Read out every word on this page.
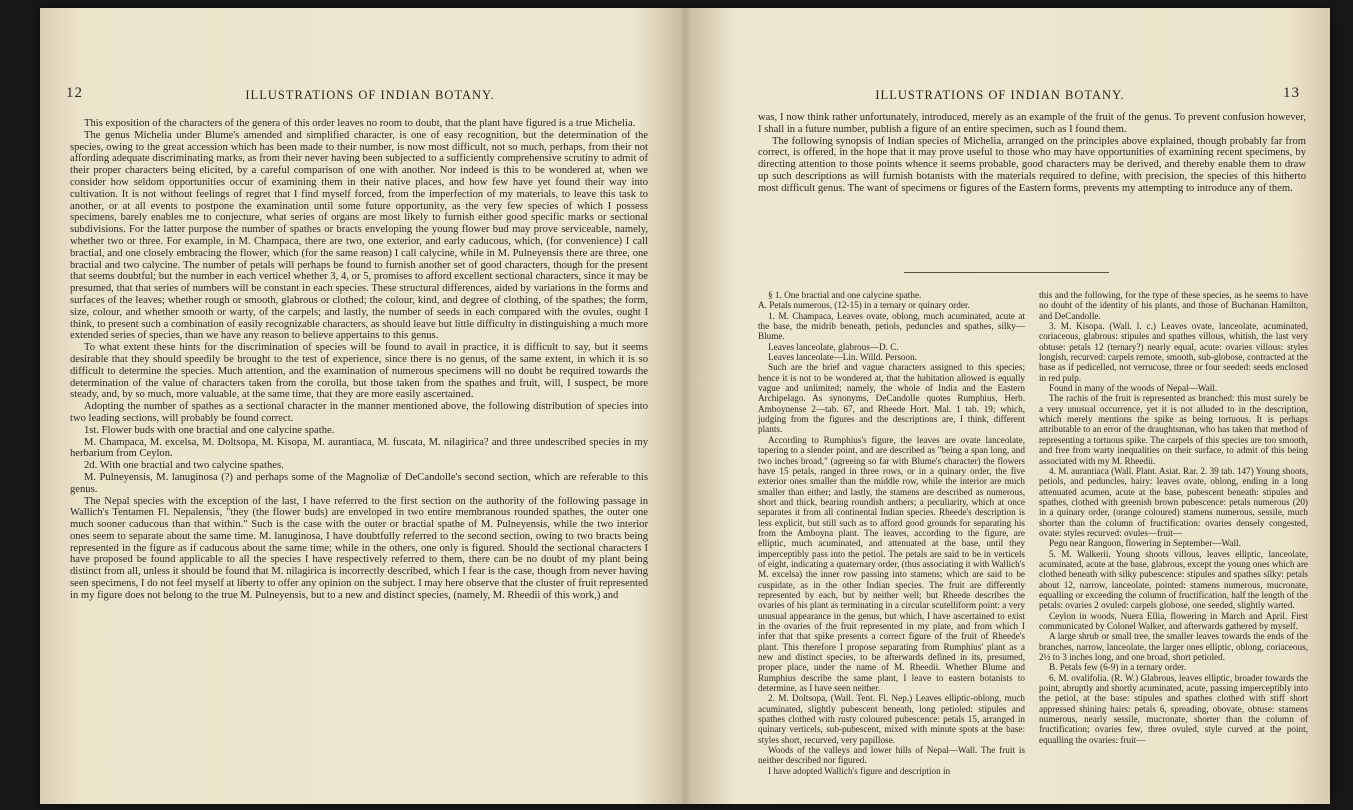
12	ILLUSTRATIONS OF INDIAN BOTANY.

This exposition of the characters of the genera of this order leaves no room to doubt, that the plant have figured is a true Michelia.

The genus Michelia under Blume's amended and simplified character, is one of easy recognition, but the determination of the species, owing to the great accession which has been made to their number, is now most difficult, not so much, perhaps, from their not affording adequate discriminating marks, as from their never having been subjected to a sufficiently comprehensive scrutiny to admit of their proper characters being elicited, by a careful comparison of one with another. Nor indeed is this to be wondered at, when we consider how seldom opportunities occur of examining them in their native places, and how few have yet found their way into cultivation. It is not without feelings of regret that I find myself forced, from the imperfection of my materials, to leave this task to another, or at all events to postpone the examination until some future opportunity, as the very few species of which I possess specimens, barely enables me to conjecture, what series of organs are most likely to furnish either good specific marks or sectional subdivisions. For the latter purpose the number of spathes or bracts enveloping the young flower bud may prove serviceable, namely, whether two or three. For example, in M. Champaca, there are two, one exterior, and early caducous, which, (for convenience) I call bractial, and one closely embracing the flower, which (for the same reason) I call calycine, while in M. Pulneyensis there are three, one bractial and two calycine. The number of petals will perhaps be found to furnish another set of good characters, though for the present that seems doubtful; but the number in each verticel whether 3, 4, or 5, promises to afford excellent sectional characters, since it may be presumed, that that series of numbers will be constant in each species. These structural differences, aided by variations in the forms and surfaces of the leaves; whether rough or smooth, glabrous or clothed; the colour, kind, and degree of clothing, of the spathes; the form, size, colour, and whether smooth or warty, of the carpels; and lastly, the number of seeds in each compared with the ovules, ought I think, to present such a combination of easily recognizable characters, as should leave but little difficulty in distinguishing a much more extended series of species, than we have any reason to believe appertains to this genus.

To what extent these hints for the discrimination of species will be found to avail in practice, it is difficult to say, but it seems desirable that they should speedily be brought to the test of experience, since there is no genus, of the same extent, in which it is so difficult to determine the species. Much attention, and the examination of numerous specimens will no doubt be required towards the determination of the value of characters taken from the corolla, but those taken from the spathes and fruit, will, I suspect, be more steady, and, by so much, more valuable, at the same time, that they are more easily ascertained.

Adopting the number of spathes as a sectional character in the manner mentioned above, the following distribution of species into two leading sections, will probably be found correct.

1st. Flower buds with one bractial and one calycine spathe.

M. Champaca, M. excelsa, M. Doltsopa, M. Kisopa, M. aurantiaca, M. fuscata, M. nilagirica? and three undescribed species in my herbarium from Ceylon.

2d. With one bractial and two calycine spathes.

M. Pulneyensis, M. lanuginosa (?) and perhaps some of the Magnoliæ of DeCandolle's second section, which are referable to this genus.

The Nepal species with the exception of the last, I have referred to the first section on the authority of the following passage in Wallich's Tentamen Fl. Nepalensis, "they (the flower buds) are enveloped in two entire membranous rounded spathes, the outer one much sooner caducous than that within." Such is the case with the outer or bractial spathe of M. Pulneyensis, while the two interior ones seem to separate about the same time. M. lanuginosa, I have doubtfully referred to the second section, owing to two bracts being represented in the figure as if caducous about the same time; while in the others, one only is figured. Should the sectional characters I have proposed be found applicable to all the species I have respectively referred to them, there can be no doubt of my plant being distinct from all, unless it should be found that M. nilagirica is incorrectly described, which I fear is the case, though from never having seen specimens, I do not feel myself at liberty to offer any opinion on the subject. I may here observe that the cluster of fruit represented in my figure does not belong to the true M. Pulneyensis, but to a new and distinct species, (namely, M. Rheedii of this work,) and

ILLUSTRATIONS OF INDIAN BOTANY.	13

was, I now think rather unfortunately, introduced, merely as an example of the fruit of the genus. To prevent confusion however, I shall in a future number, publish a figure of an entire specimen, such as I found them.

The following synopsis of Indian species of Michelia, arranged on the principles above explained, though probably far from correct, is offered, in the hope that it may prove useful to those who may have opportunities of examining recent specimens, by directing attention to those points whence it seems probable, good characters may be derived, and thereby enable them to draw up such descriptions as will furnish botanists with the materials required to define, with precision, the species of this hitherto most difficult genus. The want of specimens or figures of the Eastern forms, prevents my attempting to introduce any of them.

§ 1. One bractial and one calycine spathe.

A. Petals numerous, (12-15) in a ternary or quinary order.

1. M. Champaca, Leaves ovate, oblong, much acuminated, acute at the base, the midrib beneath, petiols, peduncles and spathes, silky—Blume.

Leaves lanceolate, glabrous—D. C.

Leaves lanceolate—Lin. Willd. Persoon.

Such are the brief and vague characters assigned to this species; hence it is not to be wondered at, that the habitation allowed is equally vague and unlimited; namely, the whole of India and the Eastern Archipelago. As synonyms, DeCandolle quotes Rumphius, Herb. Amboynense 2—tab. 67, and Rheede Hort. Mal. 1 tab. 19; which, judging from the figures and the descriptions are, I think, different plants.

According to Rumphius's figure, the leaves are ovate lanceolate, tapering to a slender point, and are described as "being a span long, and two inches broad," (agreeing so far with Blume's character) the flowers have 15 petals, ranged in three rows, or in a quinary order, the five exterior ones smaller than the middle row, while the interior are much smaller than either; and lastly, the stamens are described as numerous, short and thick, bearing roundish anthers; a peculiarity, which at once separates it from all continental Indian species. Rheede's description is less explicit, but still such as to afford good grounds for separating his from the Amboyna plant. The leaves, according to the figure, are elliptic, much acuminated, and attenuated at the base, until they imperceptibly pass into the petiol. The petals are said to be in verticels of eight, indicating a quaternary order, (thus associating it with Wallich's M. excelsa) the inner row passing into stamens; which are said to be cuspidate, as in the other Indian species. The fruit are differently represented by each, but by neither well; but Rheede describes the ovaries of his plant as terminating in a circular scutelliform point: a very unusual appearance in the genus, but which, I have ascertained to exist in the ovaries of the fruit represented in my plate, and from which I infer that that spike presents a correct figure of the fruit of Rheede's plant. This therefore I propose separating from Rumphius' plant as a new and distinct species, to be afterwards defined in its, presumed, proper place, under the name of M. Rheedii. Whether Blume and Rumphius describe the same plant, I leave to eastern botanists to determine, as I have seen neither.

2. M. Doltsopa, (Wall. Tent. Fl. Nep.) Leaves elliptic-oblong, much acuminated, slightly pubescent beneath, long petioled: stipules and spathes clothed with rusty coloured pubescence: petals 15, arranged in quinary verticels, sub-pubescent, mixed with minute spots at the base: styles short, recurved, very papillose.

Woods of the valleys and lower hills of Nepal—Wall. The fruit is neither described nor figured.

I have adopted Wallich's figure and description in

this and the following, for the type of these species, as he seems to have no doubt of the identity of his plants, and those of Buchanan Hamilton, and DeCandolle.

3. M. Kisopa. (Wall. l. c.) Leaves ovate, lanceolate, acuminated, coriaceous, glabrous: stipules and spathes villous, whitish, the last very obtuse: petals 12 (ternary?) nearly equal, acute: ovaries villous: styles longish, recurved: carpels remote, smooth, sub-globose, contracted at the base as if pedicelled, not verrucose, three or four seeded: seeds enclosed in red pulp.

Found in many of the woods of Nepal—Wall.

The rachis of the fruit is represented as branched: this must surely be a very unusual occurrence, yet it is not alluded to in the description, which merely mentions the spike as being tortuous. It is perhaps attributable to an error of the draughtsman, who has taken that method of representing a tortuous spike. The carpels of this species are too smooth, and free from warty inequalities on their surface, to admit of this being associated with my M. Rheedii.

4. M. aurantiaca (Wall. Plant. Asiat. Rar. 2. 39 tab. 147) Young shoots, petiols, and peduncles, hairy: leaves ovate, oblong, ending in a long attenuated acumen, acute at the base, pubescent beneath: stipules and spathes, clothed with greenish brown pubescence: petals numerous (20) in a quinary order, (orange coloured) stamens numerous, sessile, much shorter than the column of fructification: ovaries densely congested, ovate: styles recurved: ovules—fruit—

Pegu near Rangoon, flowering in September—Wall.

5. M. Walkerii. Young shoots villous, leaves elliptic, lanceolate, acuminated, acute at the base, glabrous, except the young ones which are clothed beneath with silky pubescence: stipules and spathes silky: petals about 12, narrow, lanceolate, pointed: stamens numerous, mucronate, equalling or exceeding the column of fructification, half the length of the petals: ovaries 2 ovuled: carpels globose, one seeded, slightly warted.

Ceylon in woods, Nuera Ellia, flowering in March and April. First communicated by Colonel Walker, and afterwards gathered by myself.

A large shrub or small tree, the smaller leaves towards the ends of the branches, narrow, lanceolate, the larger ones elliptic, oblong, coriaceous, 2½ to 3 inches long, and one broad, short petioled.

B. Petals few (6-9) in a ternary order.

6. M. ovalifolia. (R. W.) Glabrous, leaves elliptic, broader towards the point, abruptly and shortly acuminated, acute, passing imperceptibly into the petiol, at the base: stipules and spathes clothed with stiff short appressed shining hairs: petals 6, spreading, obovate, obtuse: stamens numerous, nearly sessile, mucronate, shorter than the column of fructification; ovaries few, three ovuled, style curved at the point, equalling the ovaries: fruit—
